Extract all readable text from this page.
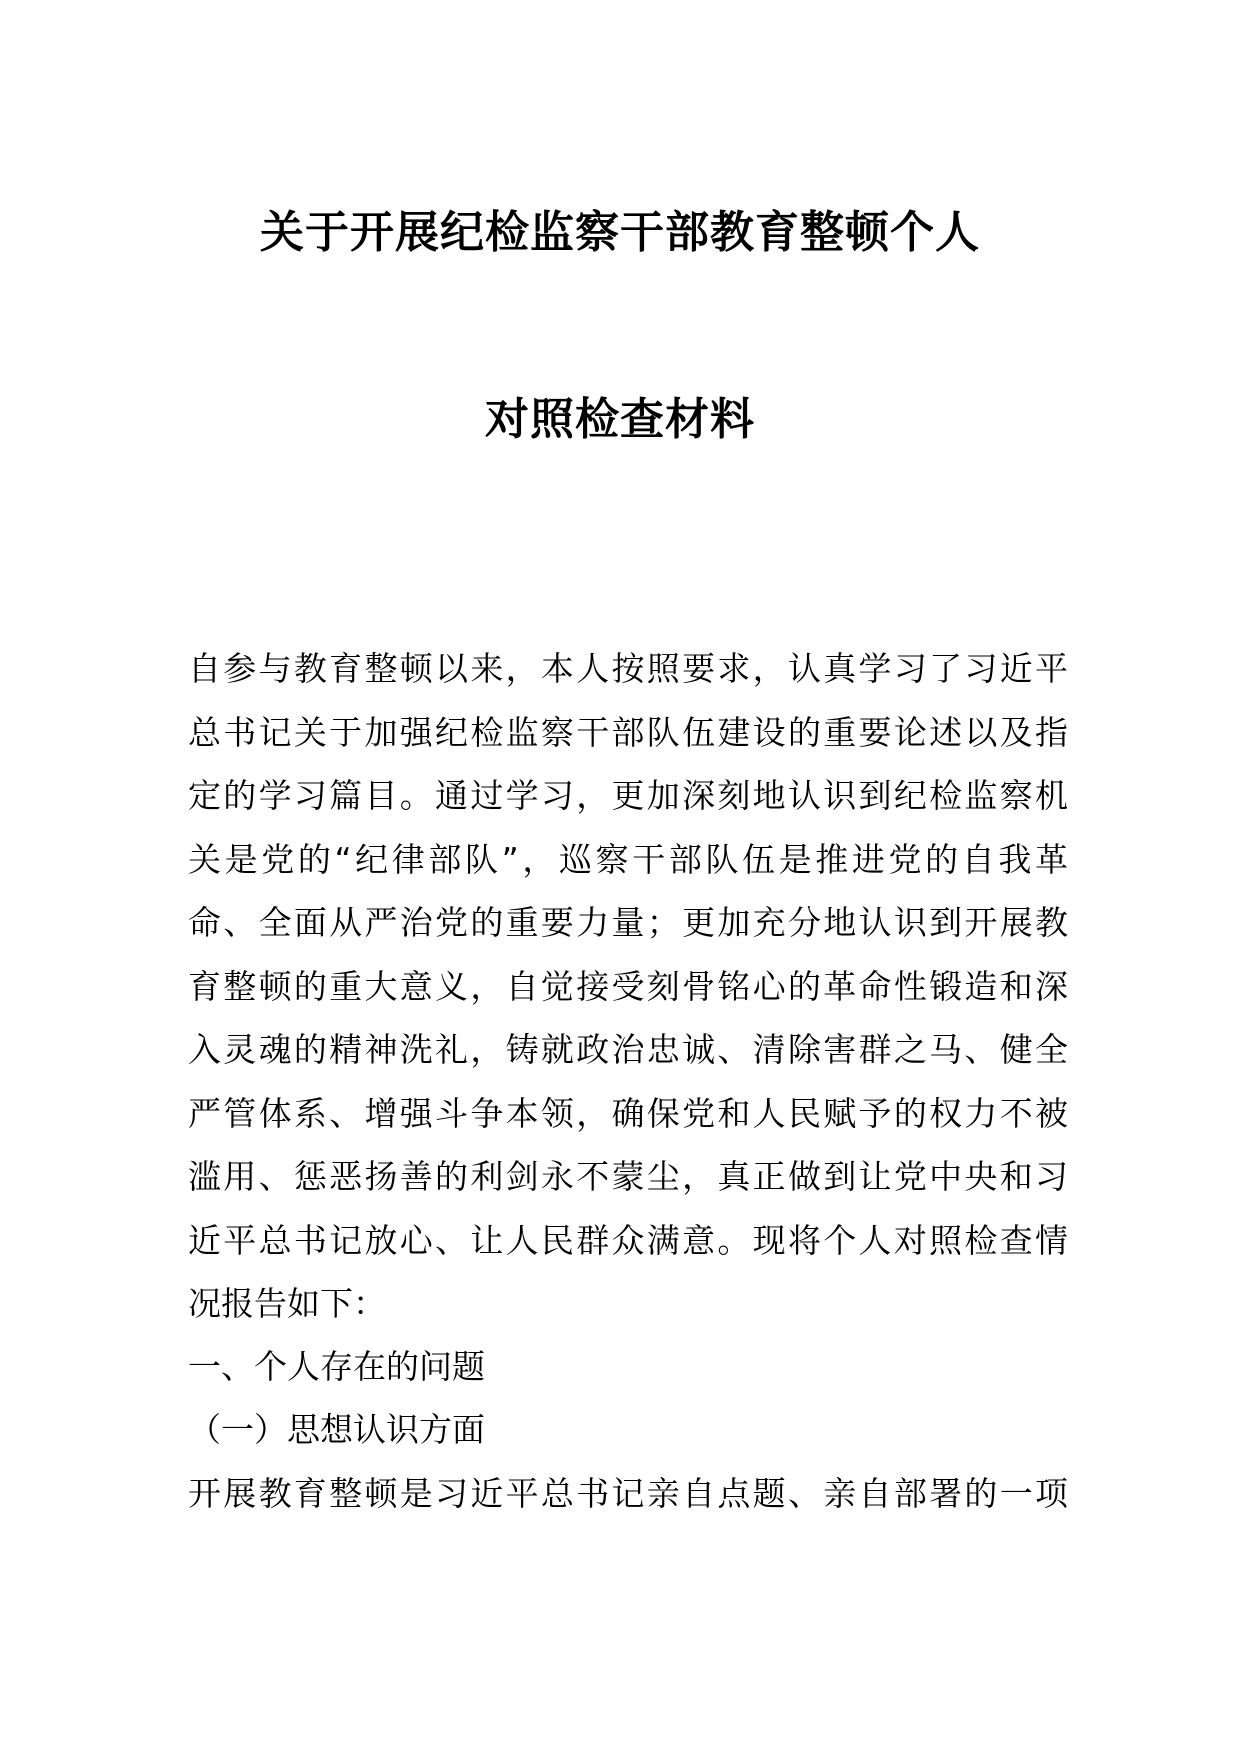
关于开展纪检监察干部教育整顿个人
对照检查材料
自参与教育整顿以来，本人按照要求，认真学习了习近平
总书记关于加强纪检监察干部队伍建设的重要论述以及指
定的学习篇目。通过学习，更加深刻地认识到纪检监察机
关是党的“纪律部队”，巡察干部队伍是推进党的自我革
命、全面从严治党的重要力量；更加充分地认识到开展教
育整顿的重大意义，自觉接受刻骨铭心的革命性锻造和深
入灵魂的精神洗礼，铸就政治忠诚、清除害群之马、健全
严管体系、增强斗争本领，确保党和人民赋予的权力不被
滥用、惩恶扬善的利剑永不蒙尘，真正做到让党中央和习
近平总书记放心、让人民群众满意。现将个人对照检查情
况报告如下：
一、个人存在的问题
（一）思想认识方面
开展教育整顿是习近平总书记亲自点题、亲自部署的一项
